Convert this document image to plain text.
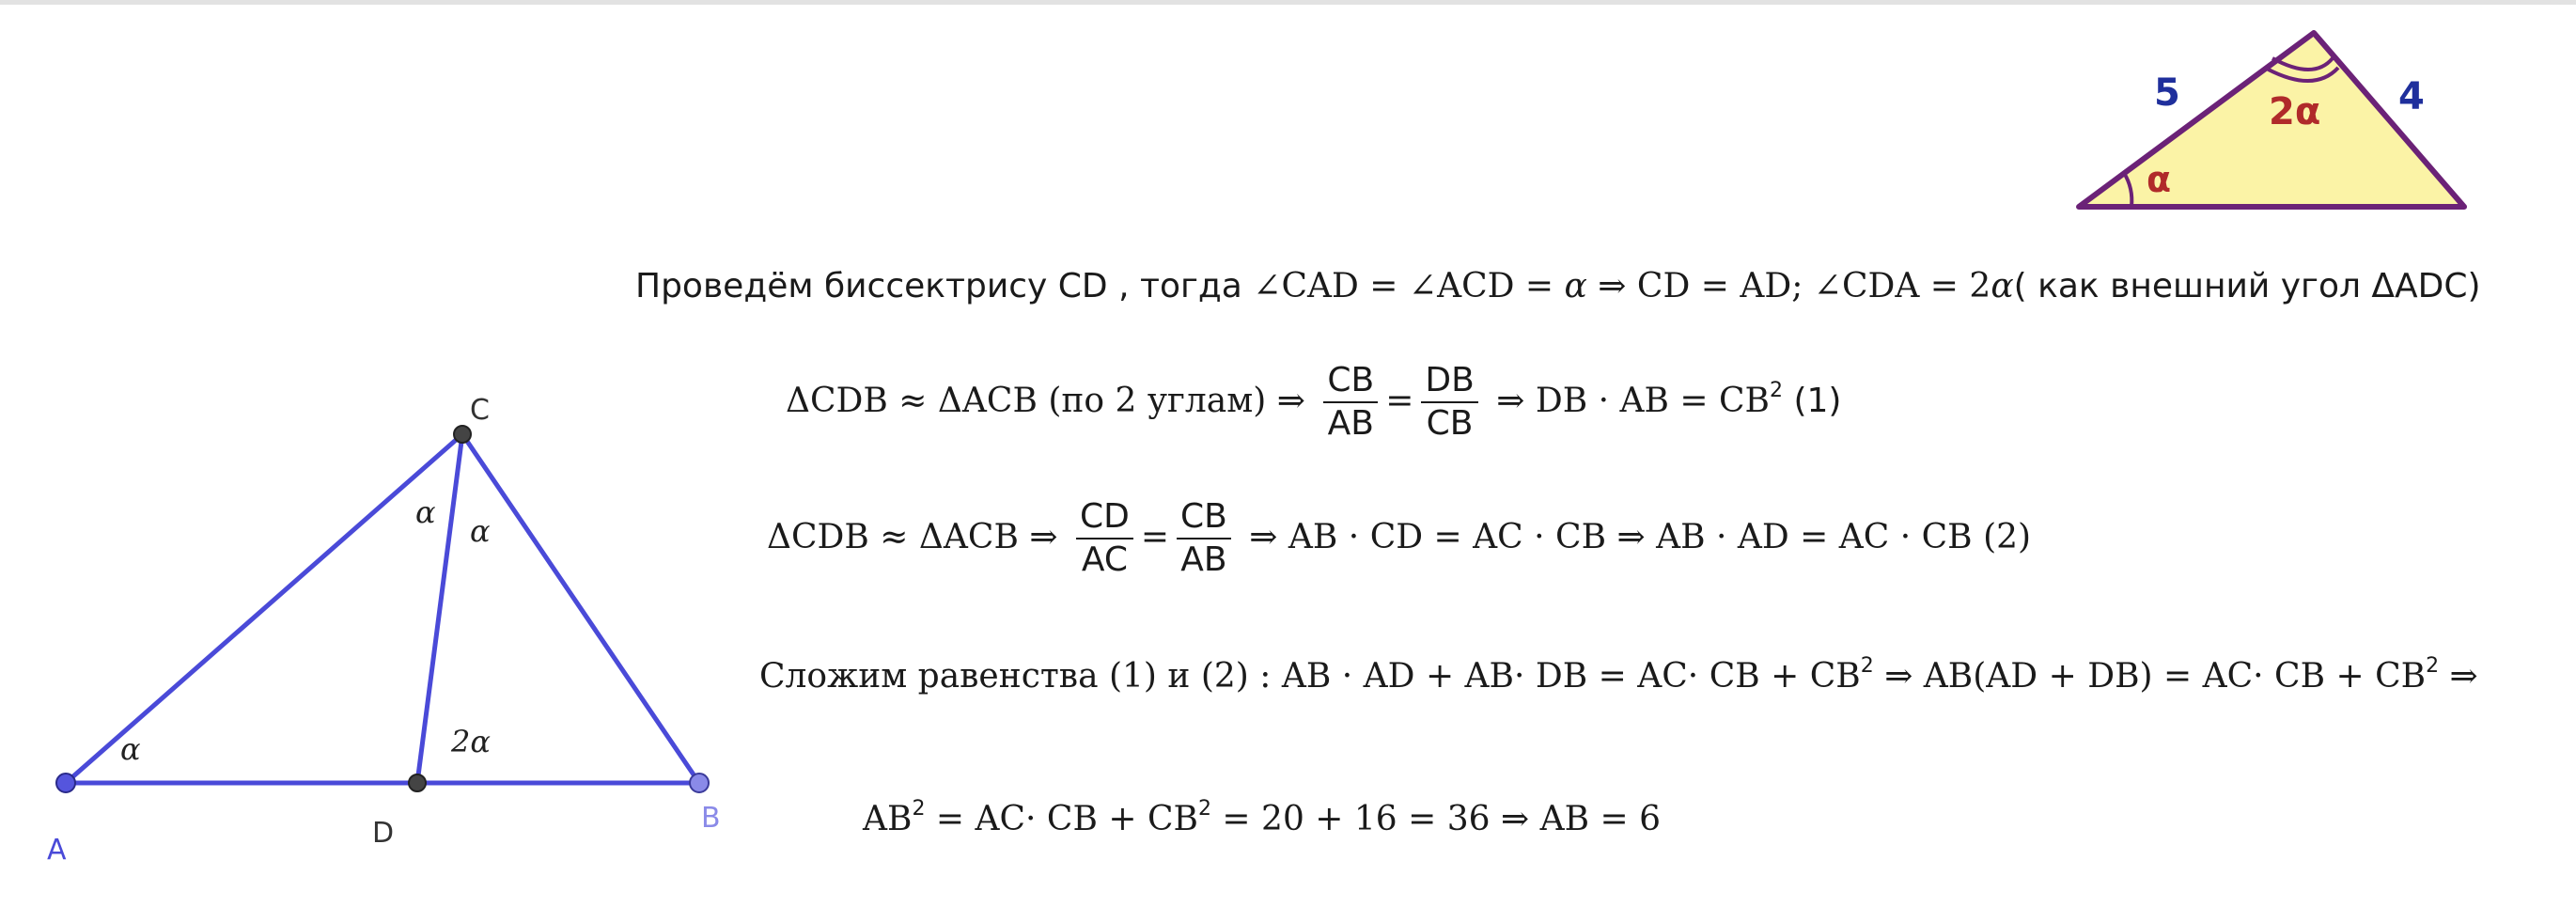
A
B
C
D
α
α
α
2α
5	4
2α
α
Проведём биссектрису CD , тогда ∠CAD = ∠ACD = α ⇒ CD = AD; ∠CDA = 2α( как внешний угол ΔADC)
ΔCDB ≈ ΔACB (по 2 углам) ⇒ $\frac{CB}{AB} = \frac{DB}{CB}$ ⇒ DB · AB = $CB^2$ (1)
ΔCDB ≈ ΔACB ⇒ $\frac{CD}{AC} = \frac{CB}{AB}$ ⇒ AB · CD = AC · CB ⇒ AB · AD = AC · CB (2)
Сложим равенства (1) и (2) : AB · AD + AB· DB = AC· CB + $CB^2$ ⇒ AB(AD + DB) = AC· CB + $CB^2$ ⇒
$AB^2 = AC\cdot$ CB + $CB^2 = 20 + 16 = 36$ ⇒ AB = 6
